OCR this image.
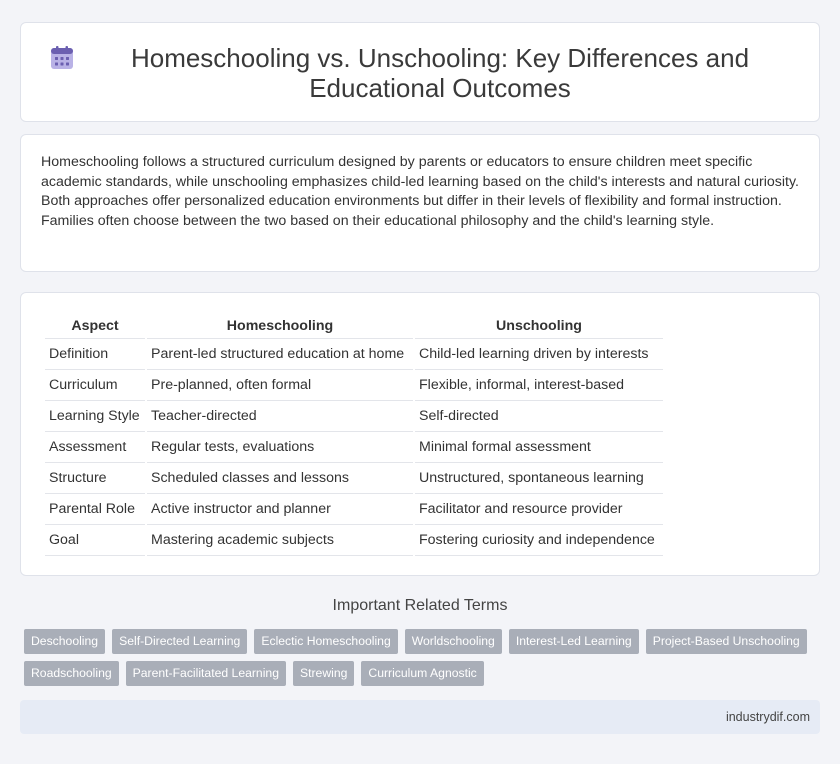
Homeschooling vs. Unschooling: Key Differences and Educational Outcomes

Homeschooling follows a structured curriculum designed by parents or educators to ensure children meet specific academic standards, while unschooling emphasizes child-led learning based on the child's interests and natural curiosity. Both approaches offer personalized education environments but differ in their levels of flexibility and formal instruction. Families often choose between the two based on their educational philosophy and the child's learning style.

Aspect	Homeschooling	Unschooling
Definition	Parent-led structured education at home	Child-led learning driven by interests
Curriculum	Pre-planned, often formal	Flexible, informal, interest-based
Learning Style	Teacher-directed	Self-directed
Assessment	Regular tests, evaluations	Minimal formal assessment
Structure	Scheduled classes and lessons	Unstructured, spontaneous learning
Parental Role	Active instructor and planner	Facilitator and resource provider
Goal	Mastering academic subjects	Fostering curiosity and independence
Important Related Terms
Deschooling	Self-Directed Learning	Eclectic Homeschooling	Worldschooling	Interest-Led Learning	Project-Based Unschooling
Roadschooling	Parent-Facilitated Learning	Strewing	Curriculum Agnostic
industrydif.com
